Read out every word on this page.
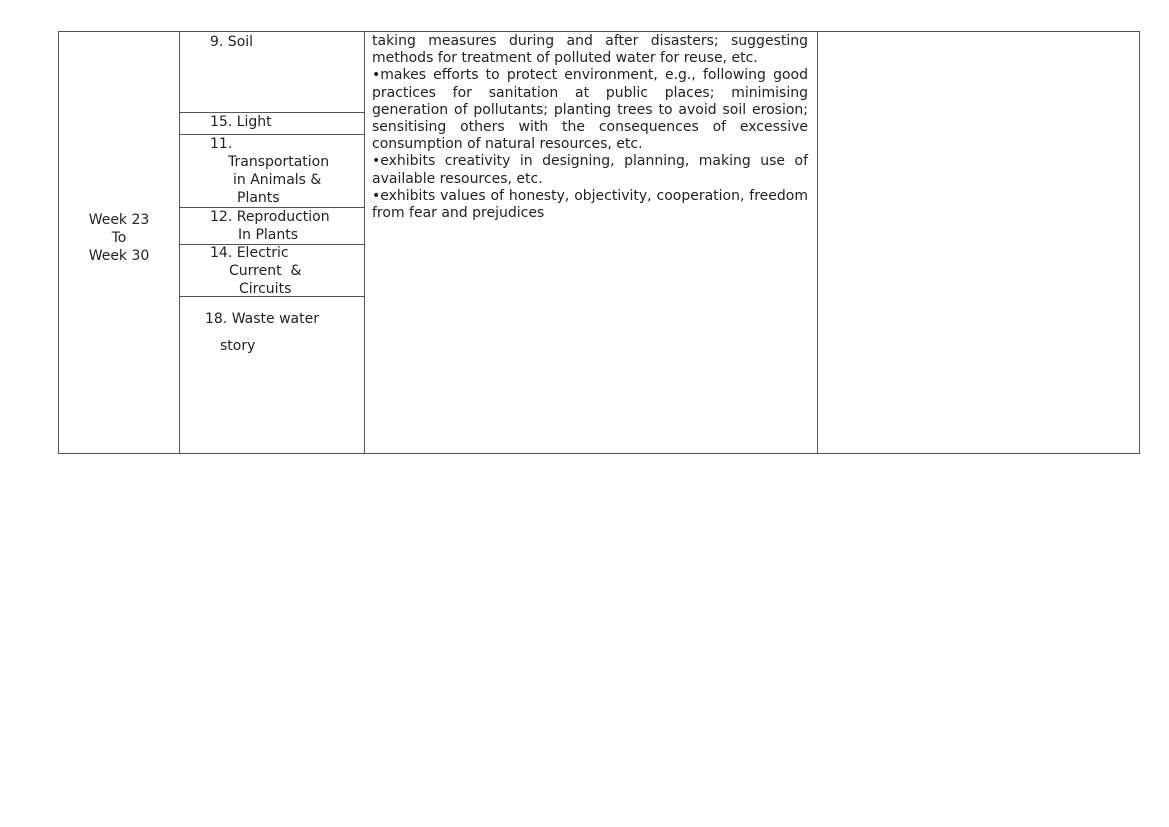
Week 23
To
Week 30
9. Soil
15. Light
11.
Transportation
in Animals &
Plants
12. Reproduction
In Plants
14. Electric
Current  &
Circuits
18. Waste water
story

taking measures during and after disasters; suggesting methods for treatment of polluted water for reuse, etc.

•makes efforts to protect environment, e.g., following good practices for sanitation at public places; minimising generation of pollutants; planting trees to avoid soil erosion; sensitising others with the consequences of excessive consumption of natural resources, etc.

•exhibits creativity in designing, planning, making use of available resources, etc.

•exhibits values of honesty, objectivity, cooperation, freedom from fear and prejudices
